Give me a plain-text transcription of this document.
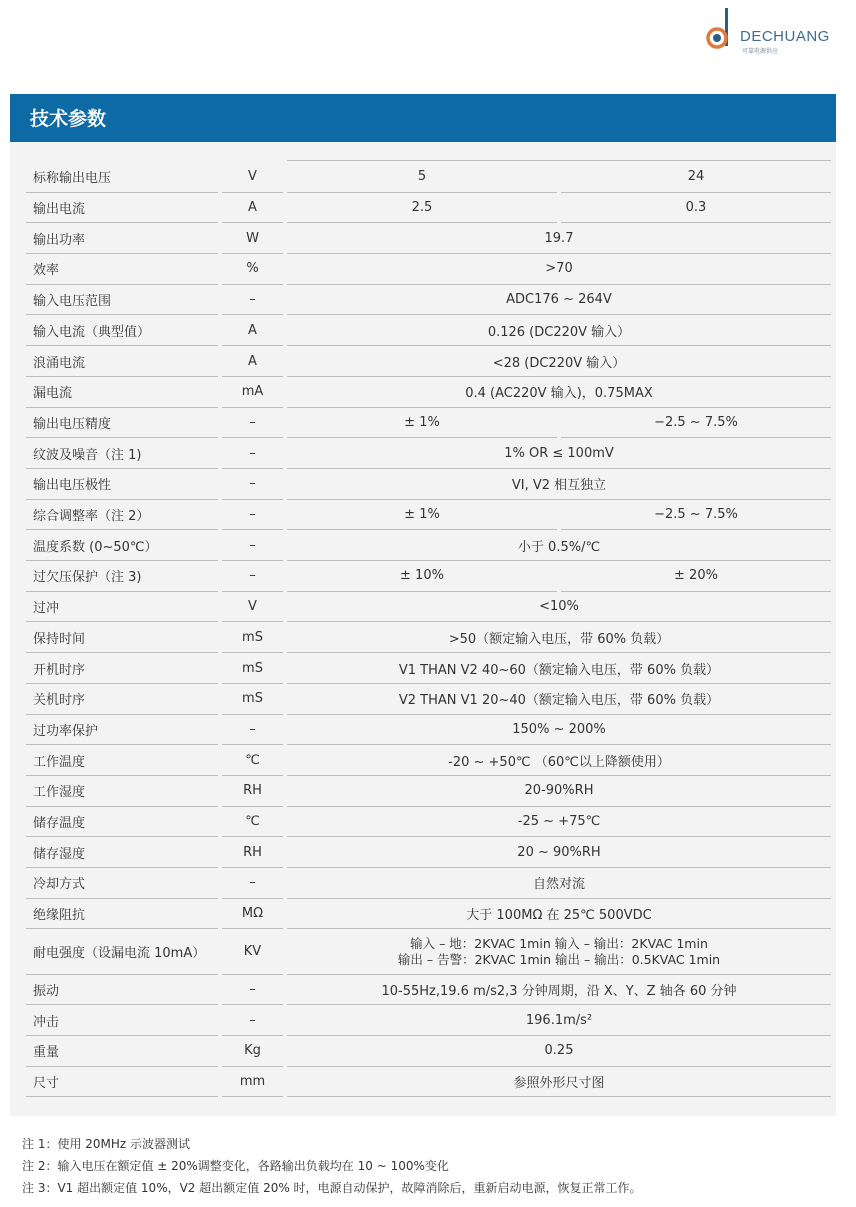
DECHUANG
可靠电源供应
技术参数
标称输出电压	V	5	24
输出电流	A	2.5	0.3
输出功率	W	19.7
效率	%	>70
输入电压范围	–	ADC176 ~ 264V
输入电流（典型值）	A	0.126 (DC220V 输入）
浪涌电流	A	<28 (DC220V 输入）
漏电流	mA	0.4 (AC220V 输入)，0.75MAX
输出电压精度	–	± 1%	−2.5 ~ 7.5%
纹波及噪音（注 1)	–	1% OR ≤ 100mV
输出电压极性	–	VI, V2 相互独立
综合调整率（注 2）	–	± 1%	−2.5 ~ 7.5%
温度系数 (0~50℃）	–	小于 0.5%/℃
过欠压保护（注 3)	–	± 10%	± 20%
过冲	V	<10%
保持时间	mS	>50（额定输入电压，带 60% 负载）
开机时序	mS	V1 THAN V2 40~60（额定输入电压，带 60% 负载）
关机时序	mS	V2 THAN V1 20~40（额定输入电压，带 60% 负载）
过功率保护	–	150% ~ 200%
工作温度	℃	-20 ~ +50℃ （60℃以上降额使用）
工作湿度	RH	20-90%RH
储存温度	℃	-25 ~ +75℃
储存湿度	RH	20 ~ 90%RH
冷却方式	–	自然对流
绝缘阻抗	MΩ	大于 100MΩ 在 25℃ 500VDC
耐电强度（设漏电流 10mA）	KV
输入 – 地：2KVAC 1min 输入 – 输出：2KVAC 1min
输出 – 告警：2KVAC 1min 输出 – 输出：0.5KVAC 1min
振动	–	10-55Hz,19.6 m/s2,3 分钟周期，沿 X、Y、Z 轴各 60 分钟
冲击	–	196.1m/s²
重量	Kg	0.25
尺寸	mm	参照外形尺寸图
注 1：使用 20MHz 示波器测试
注 2：输入电压在额定值 ± 20%调整变化，各路输出负载均在 10 ~ 100%变化
注 3：V1 超出额定值 10%，V2 超出额定值 20% 时，电源自动保护，故障消除后，重新启动电源，恢复正常工作。
